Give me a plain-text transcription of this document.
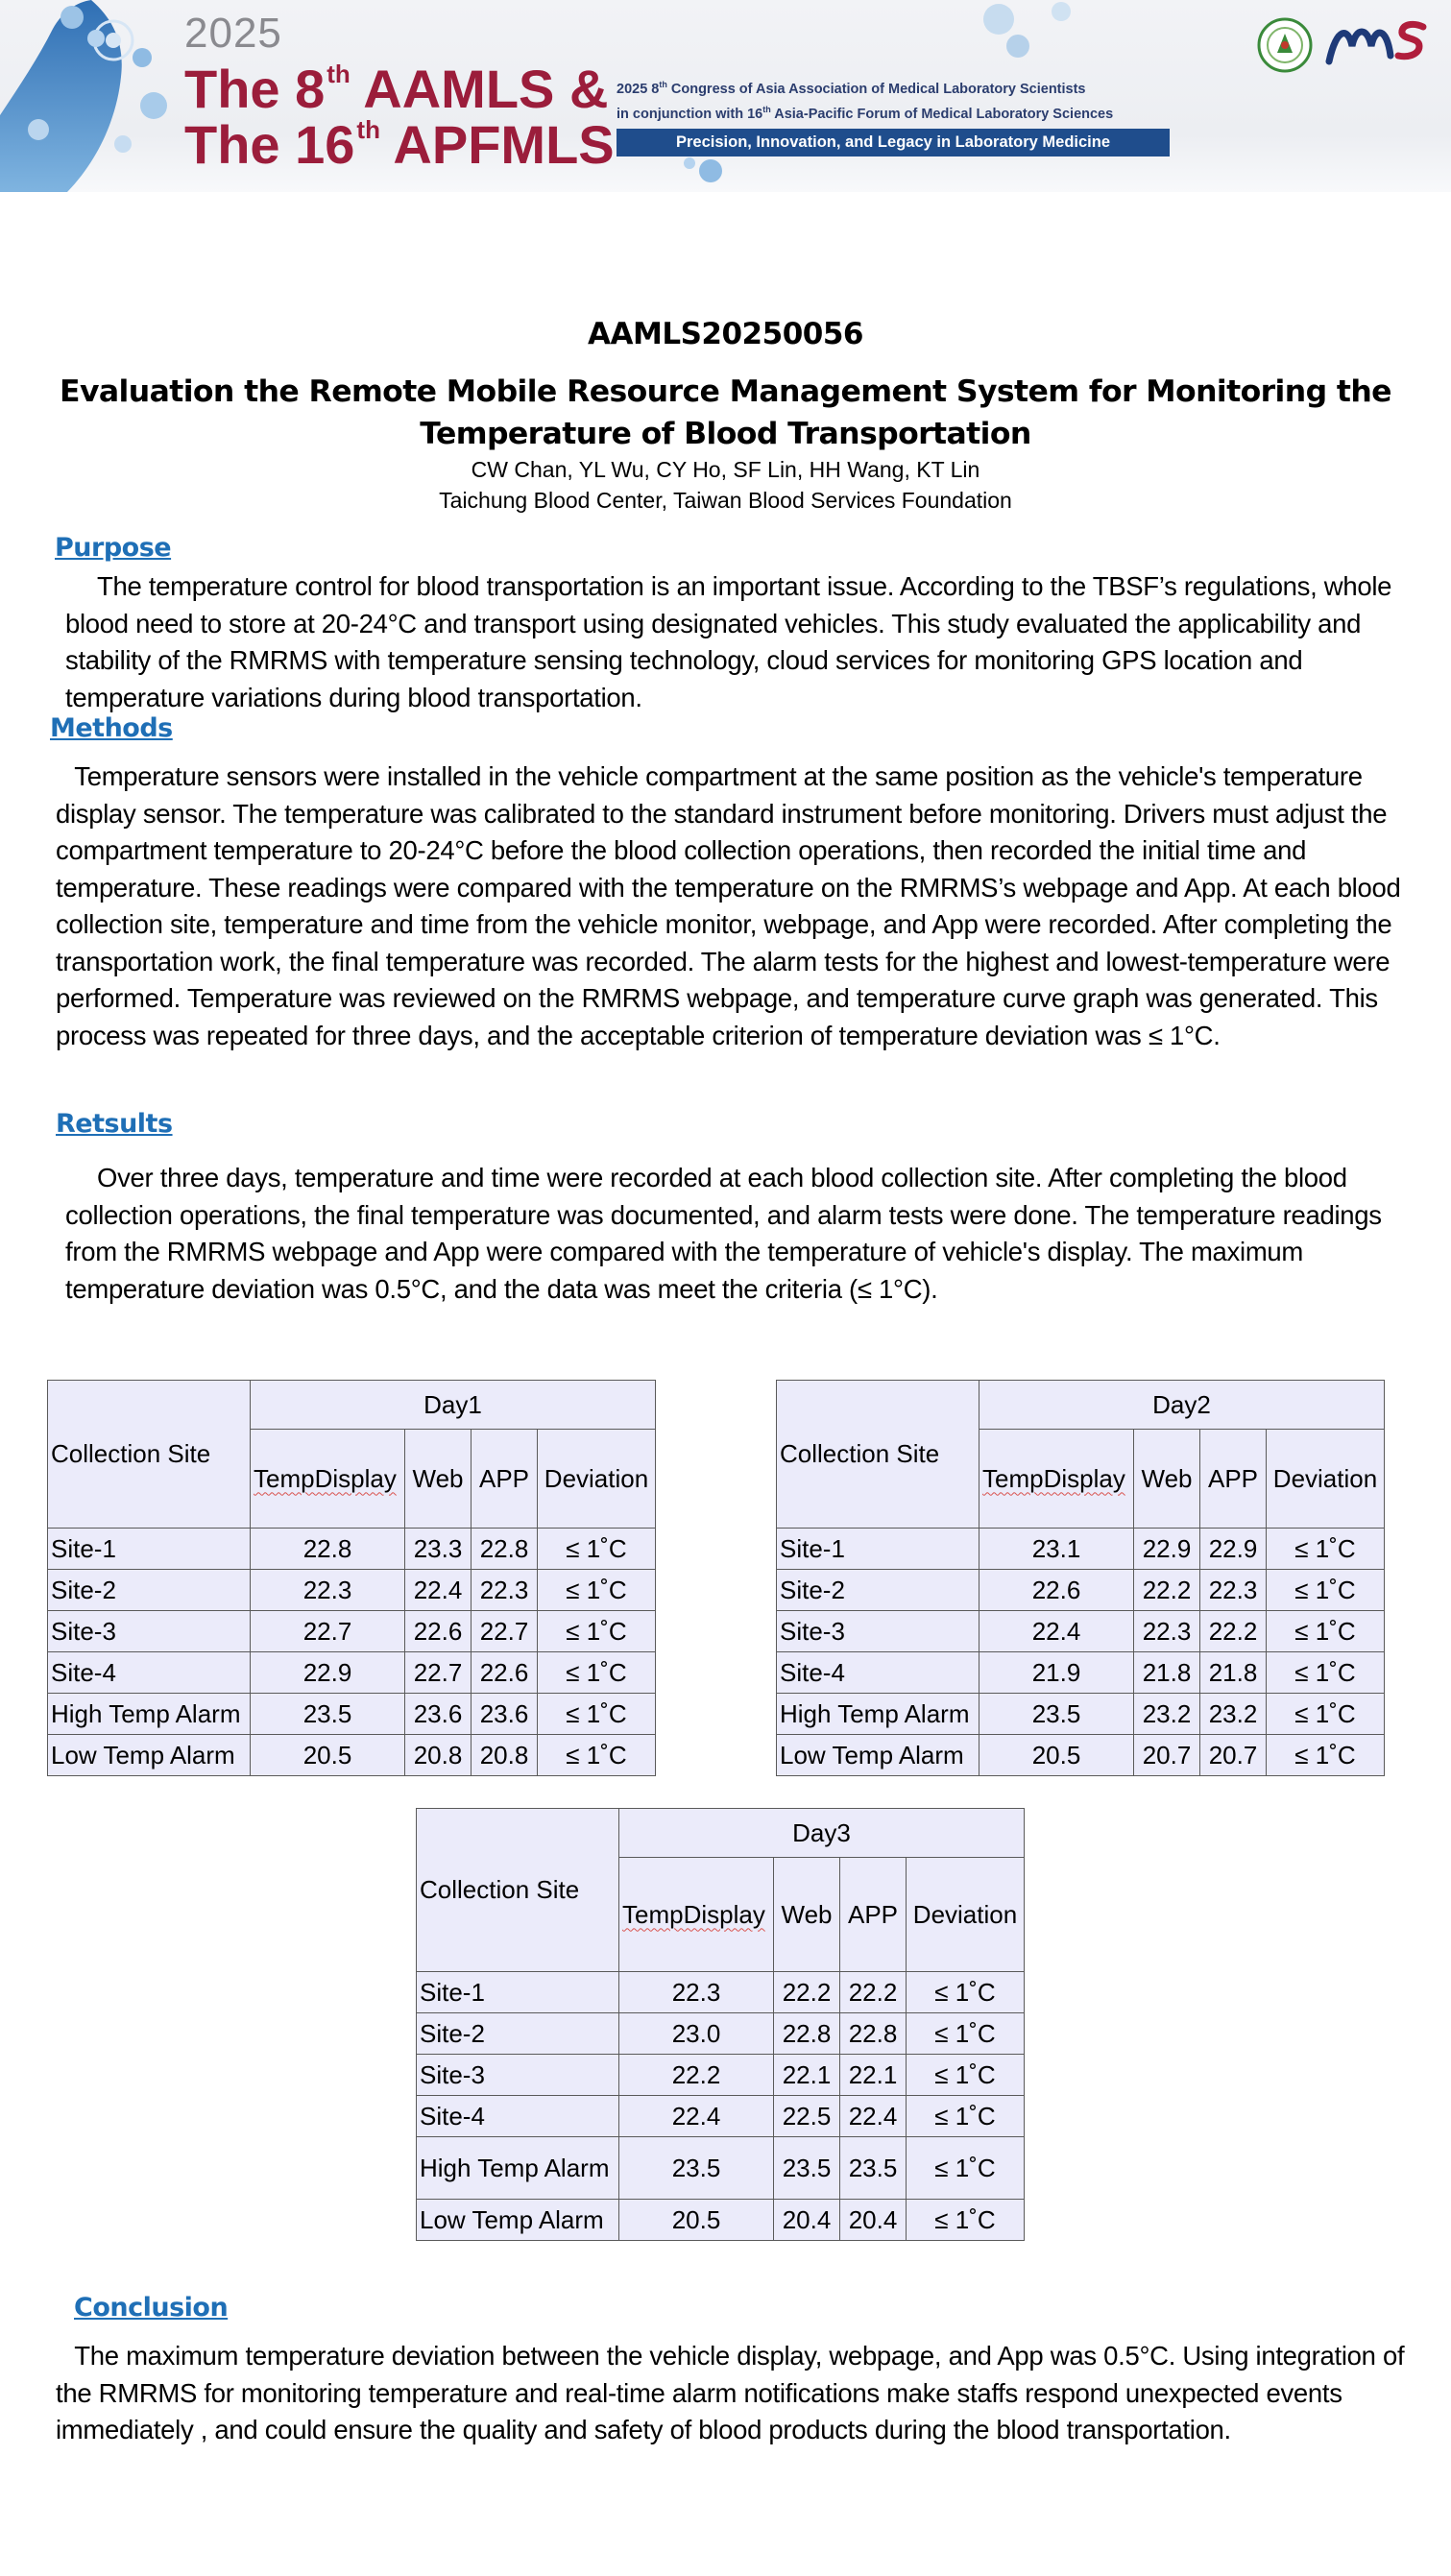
2025
The 8th AAMLS &
The 16th APFMLS
2025 8th Congress of Asia Association of Medical Laboratory Scientists
in conjunction with 16th Asia-Pacific Forum of Medical Laboratory Sciences
Precision, Innovation, and Legacy in Laboratory Medicine
AAMLS20250056
Evaluation the Remote Mobile Resource Management System for Monitoring the Temperature of Blood Transportation
CW Chan, YL Wu, CY Ho, SF Lin, HH Wang, KT Lin
Taichung Blood Center, Taiwan Blood Services Foundation
Purpose
The temperature control for blood transportation is an important issue. According to the TBSF’s regulations, whole blood need to store at 20-24°C and transport using designated vehicles. This study evaluated the applicability and stability of the RMRMS with temperature sensing technology, cloud services for monitoring GPS location and temperature variations during blood transportation.
Methods
Temperature sensors were installed in the vehicle compartment at the same position as the vehicle's temperature display sensor. The temperature was calibrated to the standard instrument before monitoring. Drivers must adjust the compartment temperature to 20-24°C before the blood collection operations, then recorded the initial time and temperature. These readings were compared with the temperature on the RMRMS’s webpage and App. At each blood collection site, temperature and time from the vehicle monitor, webpage, and App were recorded. After completing the transportation work, the final temperature was recorded. The alarm tests for the highest and lowest-temperature were performed. Temperature was reviewed on the RMRMS webpage, and temperature curve graph was generated. This process was repeated for three days, and the acceptable criterion of temperature deviation was ≤ 1°C.
Retsults
Over three days, temperature and time were recorded at each blood collection site. After completing the blood collection operations, the final temperature was documented, and alarm tests were done. The temperature readings from the RMRMS webpage and App were compared with the temperature of vehicle's display. The maximum temperature deviation was 0.5°C, and the data was meet the criteria (≤ 1°C).
Collection Site	Day1			
	TempDisplay	Web	APP	Deviation
Site-1	22.8	23.3	22.8	≤ 1˚C
Site-2	22.3	22.4	22.3	≤ 1˚C
Site-3	22.7	22.6	22.7	≤ 1˚C
Site-4	22.9	22.7	22.6	≤ 1˚C
High Temp Alarm	23.5	23.6	23.6	≤ 1˚C
Low Temp Alarm	20.5	20.8	20.8	≤ 1˚C
Collection Site	Day2			
	TempDisplay	Web	APP	Deviation
Site-1	23.1	22.9	22.9	≤ 1˚C
Site-2	22.6	22.2	22.3	≤ 1˚C
Site-3	22.4	22.3	22.2	≤ 1˚C
Site-4	21.9	21.8	21.8	≤ 1˚C
High Temp Alarm	23.5	23.2	23.2	≤ 1˚C
Low Temp Alarm	20.5	20.7	20.7	≤ 1˚C
Collection Site	Day3			
	TempDisplay	Web	APP	Deviation
Site-1	22.3	22.2	22.2	≤ 1˚C
Site-2	23.0	22.8	22.8	≤ 1˚C
Site-3	22.2	22.1	22.1	≤ 1˚C
Site-4	22.4	22.5	22.4	≤ 1˚C
High Temp Alarm	23.5	23.5	23.5	≤ 1˚C
Low Temp Alarm	20.5	20.4	20.4	≤ 1˚C
Conclusion
The maximum temperature deviation between the vehicle display, webpage, and App was 0.5°C. Using integration of the RMRMS for monitoring temperature and real-time alarm notifications make staffs respond unexpected events immediately , and could ensure the quality and safety of blood products during the blood transportation.
